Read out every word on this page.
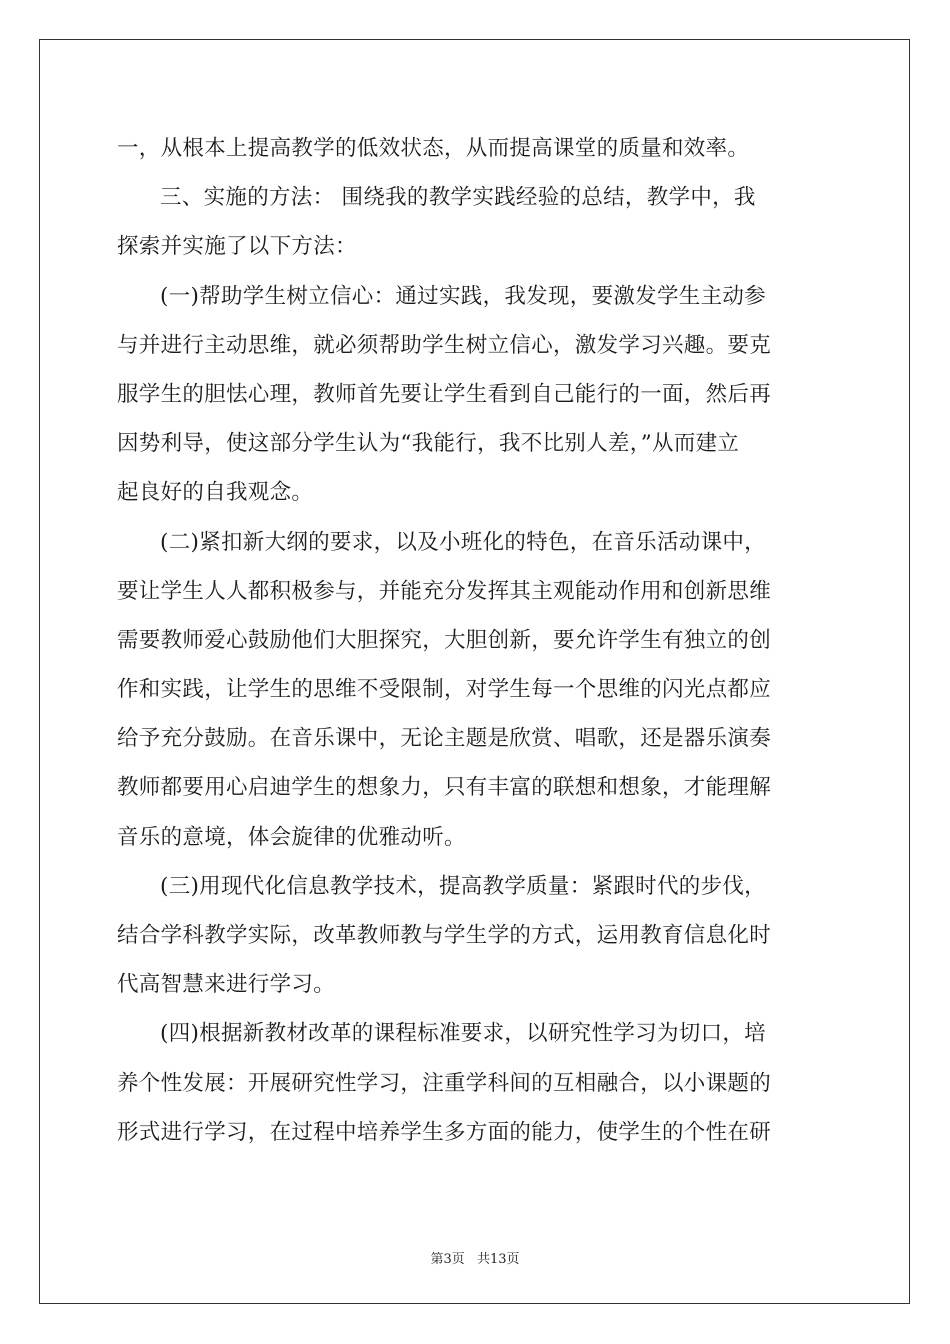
一，从根本上提高教学的低效状态，从而提高课堂的质量和效率。
三、实施的方法： 围绕我的教学实践经验的总结，教学中，我
探索并实施了以下方法：
(一)帮助学生树立信心：通过实践，我发现，要激发学生主动参
与并进行主动思维，就必须帮助学生树立信心，激发学习兴趣。要克
服学生的胆怯心理，教师首先要让学生看到自己能行的一面，然后再
因势利导，使这部分学生认为“我能行，我不比别人差，”从而建立
起良好的自我观念。
(二)紧扣新大纲的要求，以及小班化的特色，在音乐活动课中，
要让学生人人都积极参与，并能充分发挥其主观能动作用和创新思维
需要教师爱心鼓励他们大胆探究，大胆创新，要允许学生有独立的创
作和实践，让学生的思维不受限制，对学生每一个思维的闪光点都应
给予充分鼓励。在音乐课中，无论主题是欣赏、唱歌，还是器乐演奏
教师都要用心启迪学生的想象力，只有丰富的联想和想象，才能理解
音乐的意境，体会旋律的优雅动听。
(三)用现代化信息教学技术，提高教学质量：紧跟时代的步伐，
结合学科教学实际，改革教师教与学生学的方式，运用教育信息化时
代高智慧来进行学习。
(四)根据新教材改革的课程标准要求，以研究性学习为切口，培
养个性发展：开展研究性学习，注重学科间的互相融合，以小课题的
形式进行学习，在过程中培养学生多方面的能力，使学生的个性在研
第3页 共13页
